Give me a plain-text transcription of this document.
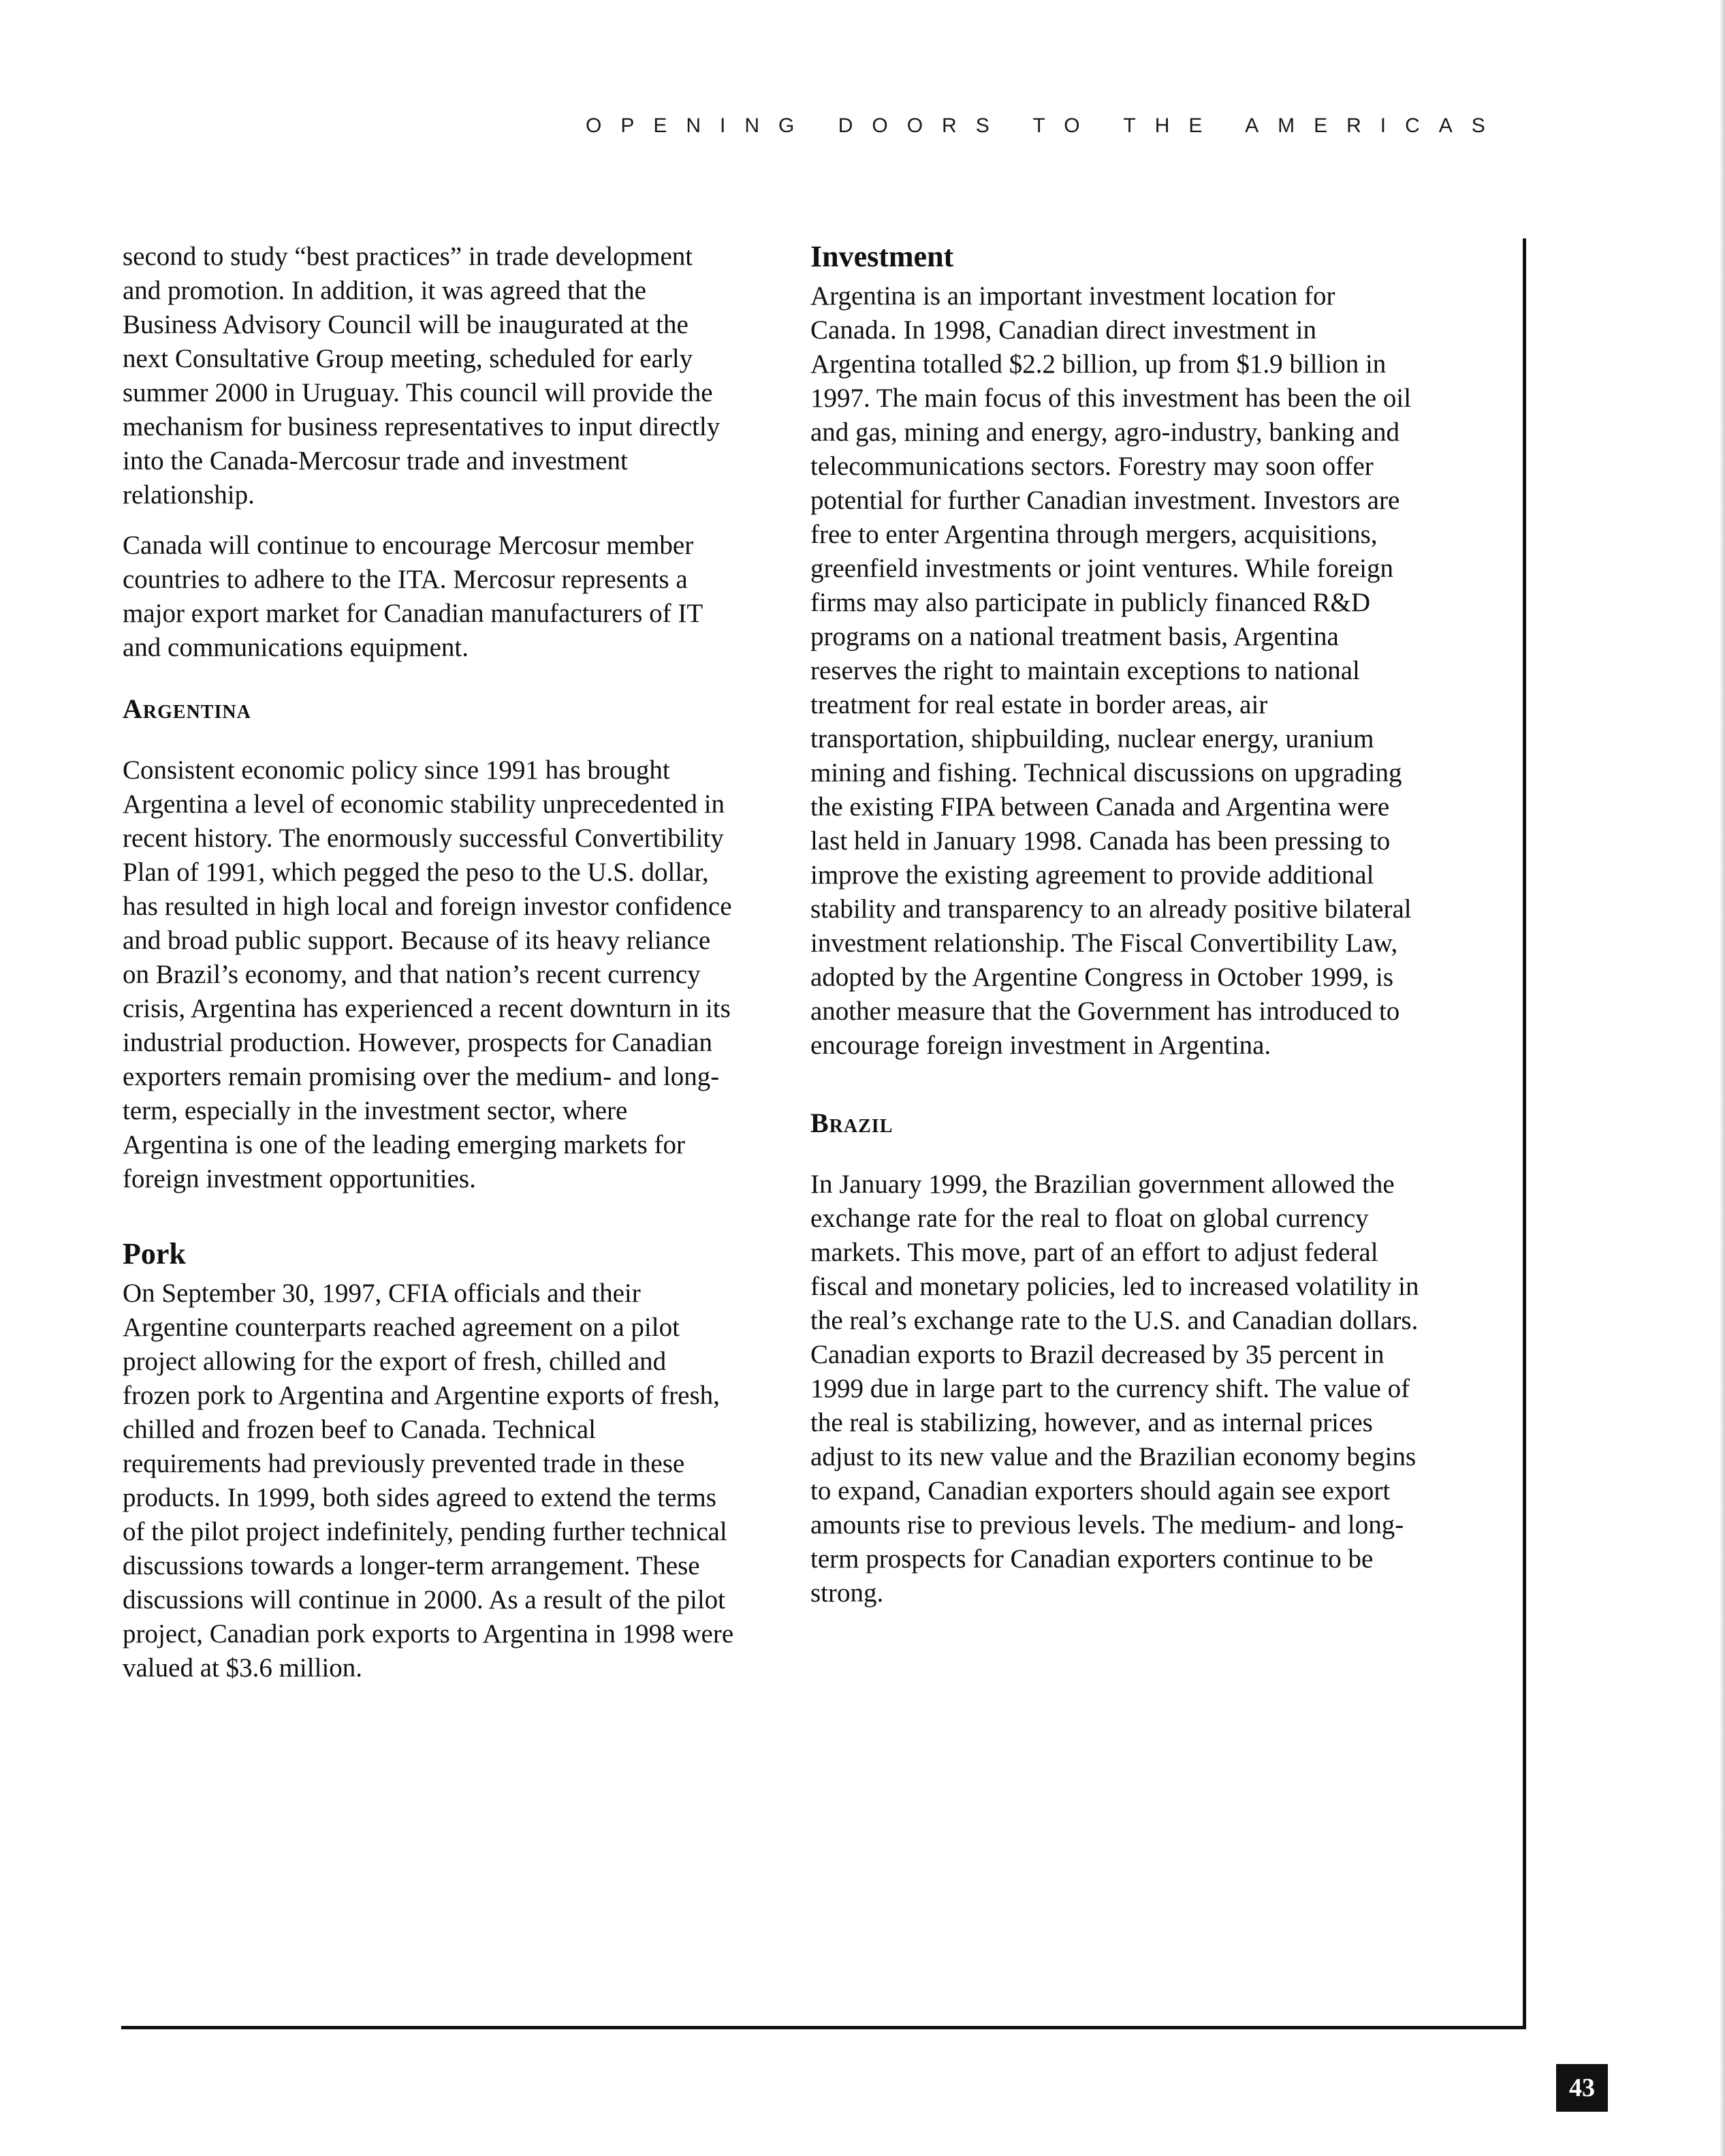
OPENING DOORS TO THE AMERICAS

second to study “best practices” in trade development and promotion. In addition, it was agreed that the Business Advisory Council will be inaugurated at the next Consultative Group meeting, scheduled for early summer 2000 in Uruguay. This council will provide the mechanism for business representatives to input directly into the Canada-Mercosur trade and investment relationship.

Canada will continue to encourage Mercosur member countries to adhere to the ITA. Mercosur represents a major export market for Canadian manufacturers of IT and communications equipment.

Argentina

Consistent economic policy since 1991 has brought Argentina a level of economic stability unprecedented in recent history. The enormously successful Convertibility Plan of 1991, which pegged the peso to the U.S. dollar, has resulted in high local and foreign investor confidence and broad public support. Because of its heavy reliance on Brazil’s economy, and that nation’s recent currency crisis, Argentina has experienced a recent downturn in its industrial production. However, prospects for Canadian exporters remain promising over the medium- and long-term, especially in the investment sector, where Argentina is one of the leading emerging markets for foreign investment opportunities.

Pork

On September 30, 1997, CFIA officials and their Argentine counterparts reached agreement on a pilot project allowing for the export of fresh, chilled and frozen pork to Argentina and Argentine exports of fresh, chilled and frozen beef to Canada. Technical requirements had previously prevented trade in these products. In 1999, both sides agreed to extend the terms of the pilot project indefinitely, pending further technical discussions towards a longer-term arrangement. These discussions will continue in 2000. As a result of the pilot project, Canadian pork exports to Argentina in 1998 were valued at $3.6 million.

Investment

Argentina is an important investment location for Canada. In 1998, Canadian direct investment in Argentina totalled $2.2 billion, up from $1.9 billion in 1997. The main focus of this investment has been the oil and gas, mining and energy, agro-industry, banking and telecommunications sectors. Forestry may soon offer potential for further Canadian investment. Investors are free to enter Argentina through mergers, acquisitions, greenfield investments or joint ventures. While foreign firms may also participate in publicly financed R&D programs on a national treatment basis, Argentina reserves the right to maintain exceptions to national treatment for real estate in border areas, air transportation, shipbuilding, nuclear energy, uranium mining and fishing. Technical discussions on upgrading the existing FIPA between Canada and Argentina were last held in January 1998. Canada has been pressing to improve the existing agreement to provide additional stability and transparency to an already positive bilateral investment relationship. The Fiscal Convertibility Law, adopted by the Argentine Congress in October 1999, is another measure that the Government has introduced to encourage foreign investment in Argentina.

Brazil

In January 1999, the Brazilian government allowed the exchange rate for the real to float on global currency markets. This move, part of an effort to adjust federal fiscal and monetary policies, led to increased volatility in the real’s exchange rate to the U.S. and Canadian dollars. Canadian exports to Brazil decreased by 35 percent in 1999 due in large part to the currency shift. The value of the real is stabilizing, however, and as internal prices adjust to its new value and the Brazilian economy begins to expand, Canadian exporters should again see export amounts rise to previous levels. The medium- and long-term prospects for Canadian exporters continue to be strong.

43
